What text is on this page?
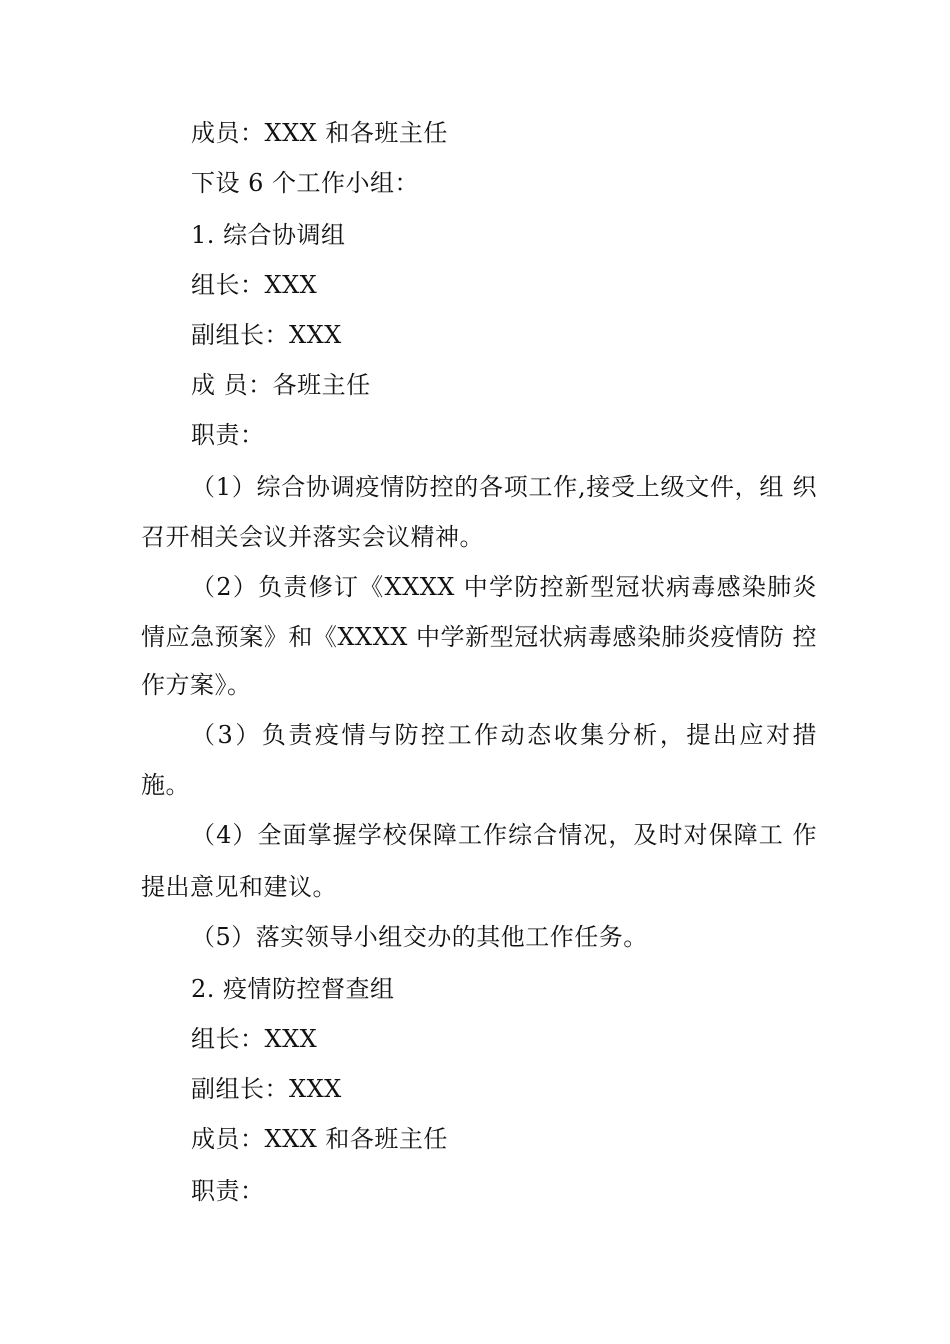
成员：XXX 和各班主任
下设 6 个工作小组：
1. 综合协调组
组长：XXX
副组长：XXX
成 员：各班主任
职责：
（1）综合协调疫情防控的各项工作,接受上级文件，组 织
召开相关会议并落实会议精神。
（2）负责修订《XXXX 中学防控新型冠状病毒感染肺炎
情应急预案》和《XXXX 中学新型冠状病毒感染肺炎疫情防 控
作方案》。
（3）负责疫情与防控工作动态收集分析，提出应对措
施。
（4）全面掌握学校保障工作综合情况，及时对保障工 作
提出意见和建议。
（5）落实领导小组交办的其他工作任务。
2. 疫情防控督查组
组长：XXX
副组长：XXX
成员：XXX 和各班主任
职责：
